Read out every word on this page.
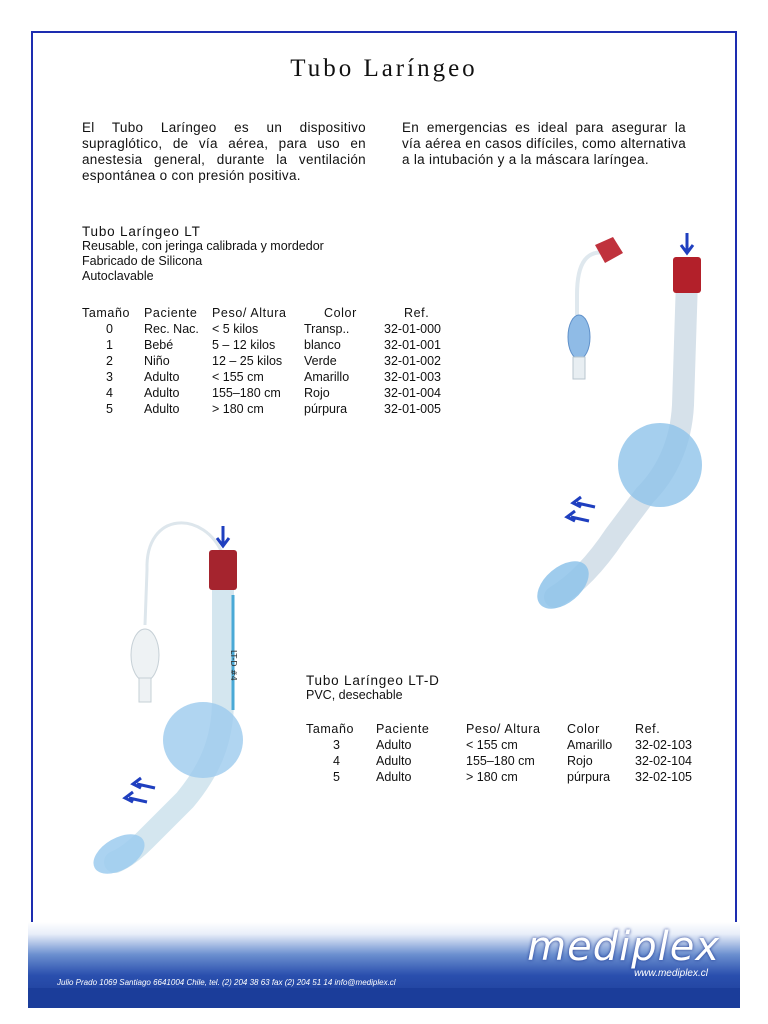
Tubo Laríngeo
El Tubo Laríngeo es un dispositivo supraglótico, de vía aérea, para uso en anestesia general, durante la ventilación espontánea o con presión positiva.
En emergencias es ideal para asegurar la vía aérea en casos difíciles, como alternativa a la intubación y a la máscara laríngea.
Tubo Laríngeo LT
Reusable, con jeringa calibrada y mordedor
Fabricado de Silicona
Autoclavable
Tamaño	Paciente	Peso/ Altura	Color	Ref.
0	Rec. Nac.	< 5 kilos	Transp..	32-01-000
1	Bebé	5 – 12 kilos	blanco	32-01-001
2	Niño	12 – 25 kilos	Verde	32-01-002
3	Adulto	< 155 cm	Amarillo	32-01-003
4	Adulto	155–180 cm	Rojo	32-01-004
5	Adulto	> 180 cm	púrpura	32-01-005
Tubo Laríngeo LT-D
PVC, desechable
Tamaño	Paciente	Peso/ Altura	Color	Ref.
3	Adulto	< 155 cm	Amarillo	32-02-103
4	Adulto	155–180 cm	Rojo	32-02-104
5	Adulto	> 180 cm	púrpura	32-02-105
LT-D #4
mediplex
www.mediplex.cl
Julio Prado 1069 Santiago 6641004 Chile, tel. (2) 204 38 63 fax (2) 204 51 14 info@mediplex.cl
